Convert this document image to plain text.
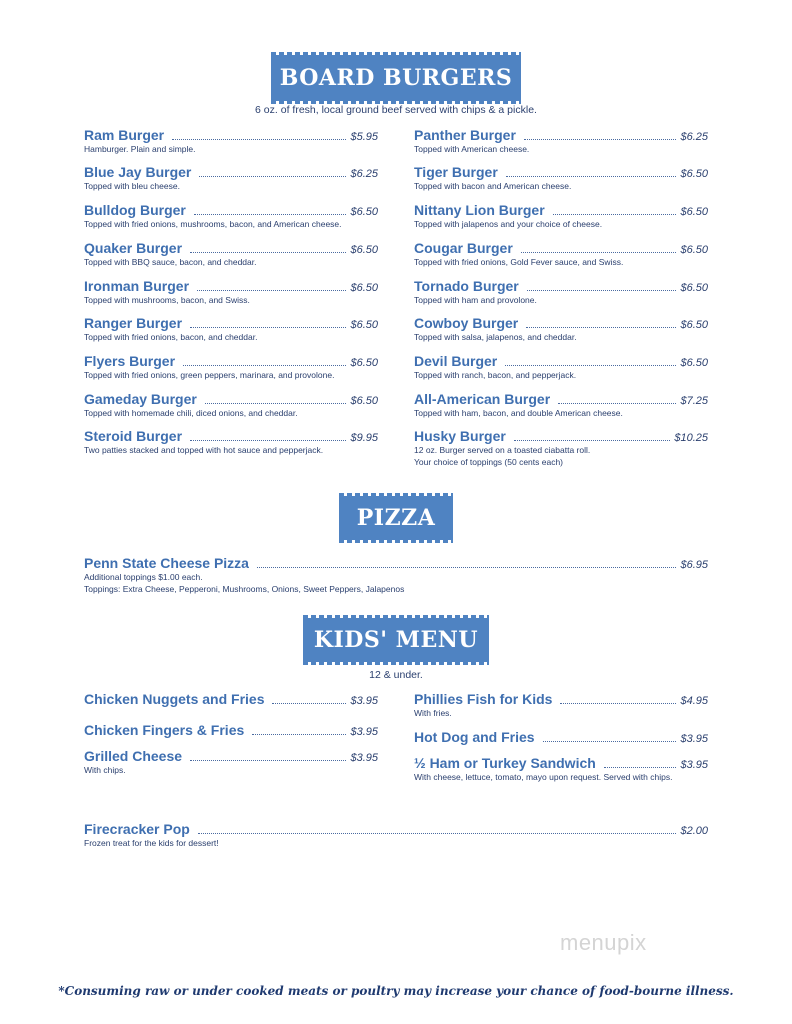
BOARD BURGERS
6 oz. of fresh, local ground beef served with chips & a pickle.
Ram Burger	$5.95
Hamburger. Plain and simple.
Blue Jay Burger	$6.25
Topped with bleu cheese.
Bulldog Burger	$6.50
Topped with fried onions, mushrooms, bacon, and American cheese.
Quaker Burger	$6.50
Topped with BBQ sauce, bacon, and cheddar.
Ironman Burger	$6.50
Topped with mushrooms, bacon, and Swiss.
Ranger Burger	$6.50
Topped with fried onions, bacon, and cheddar.
Flyers Burger	$6.50
Topped with fried onions, green peppers, marinara, and provolone.
Gameday Burger	$6.50
Topped with homemade chili, diced onions, and cheddar.
Steroid Burger	$9.95
Two patties stacked and topped with hot sauce and pepperjack.
Panther Burger	$6.25
Topped with American cheese.
Tiger Burger	$6.50
Topped with bacon and American cheese.
Nittany Lion Burger	$6.50
Topped with jalapenos and your choice of cheese.
Cougar Burger	$6.50
Topped with fried onions, Gold Fever sauce, and Swiss.
Tornado Burger	$6.50
Topped with ham and provolone.
Cowboy Burger	$6.50
Topped with salsa, jalapenos, and cheddar.
Devil Burger	$6.50
Topped with ranch, bacon, and pepperjack.
All-American Burger	$7.25
Topped with ham, bacon, and double American cheese.
Husky Burger	$10.25
12 oz. Burger served on a toasted ciabatta roll.
Your choice of toppings (50 cents each)
PIZZA
Penn State Cheese Pizza	$6.95
Additional toppings $1.00 each.
Toppings: Extra Cheese, Pepperoni, Mushrooms, Onions, Sweet Peppers, Jalapenos
KIDS' MENU
12 & under.
Chicken Nuggets and Fries	$3.95
Chicken Fingers & Fries	$3.95
Grilled Cheese	$3.95
With chips.
Phillies Fish for Kids	$4.95
With fries.
Hot Dog and Fries	$3.95
½ Ham or Turkey Sandwich	$3.95
With cheese, lettuce, tomato, mayo upon request. Served with chips.
Firecracker Pop	$2.00
Frozen treat for the kids for dessert!
menupix
*Consuming raw or under cooked meats or poultry may increase your chance of food-bourne illness.
